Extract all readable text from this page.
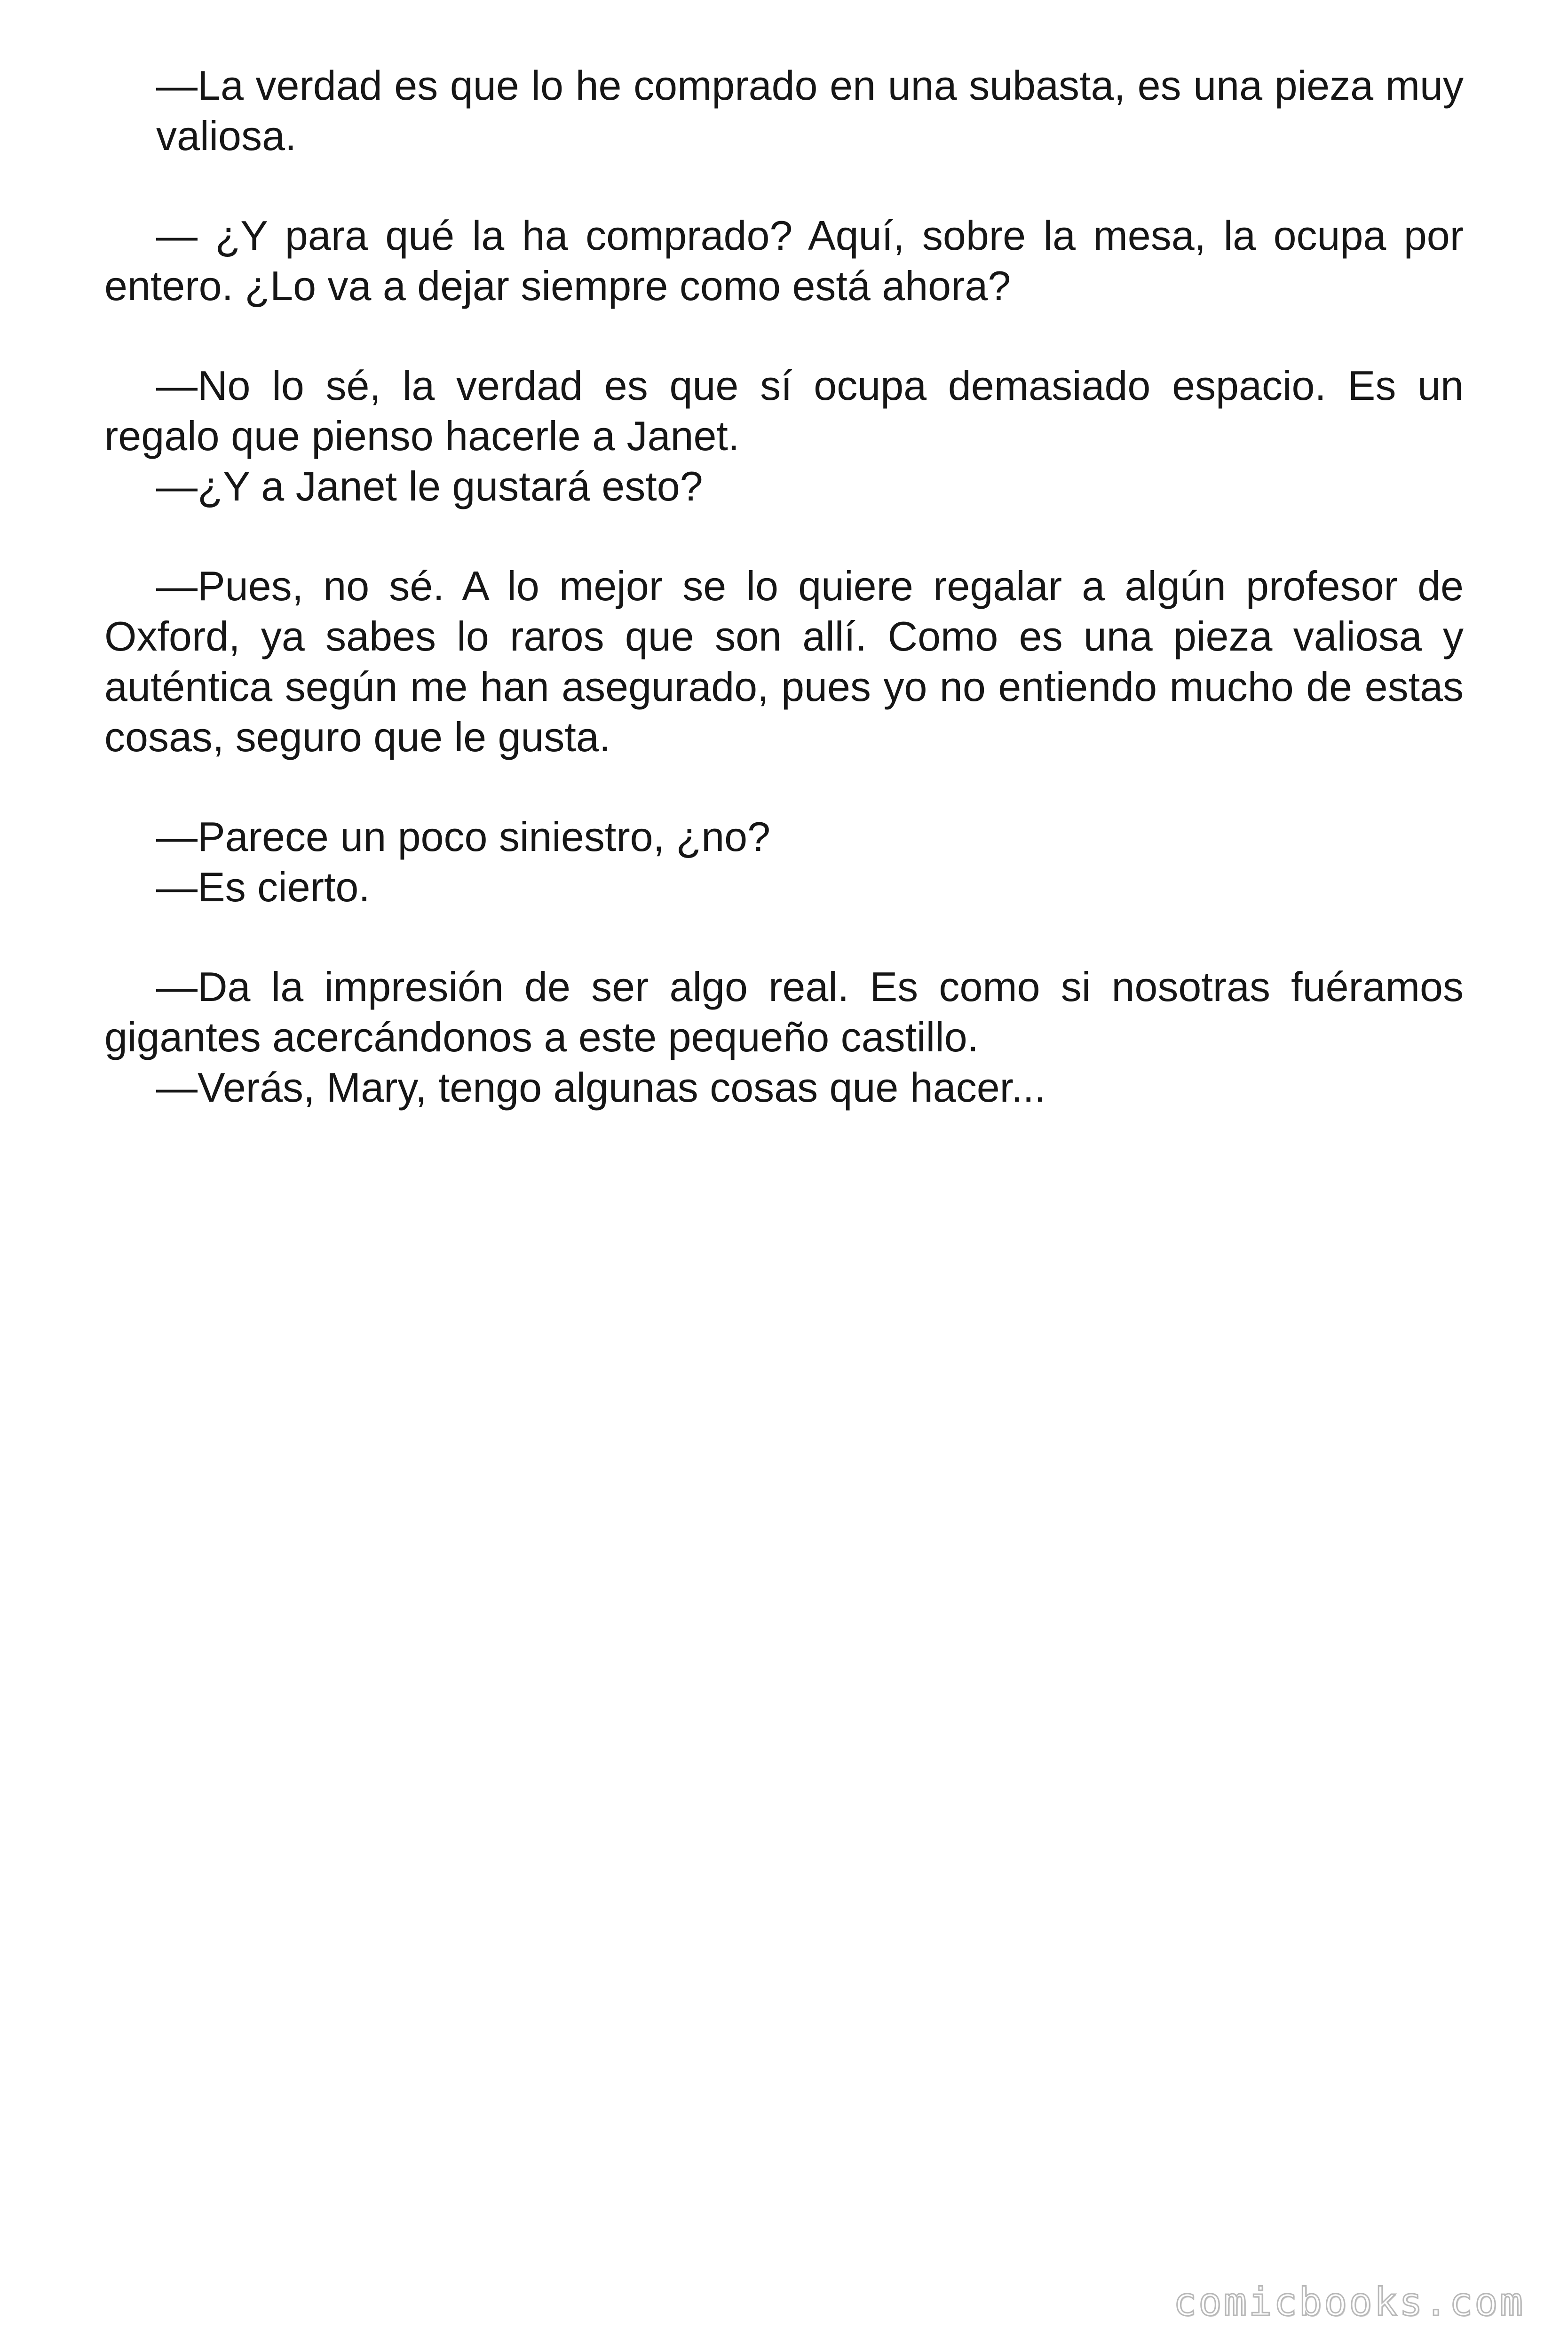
—La verdad es que lo he comprado en una subasta, es una pieza muy valiosa.

— ¿Y para qué la ha comprado? Aquí, sobre la mesa, la ocupa por entero. ¿Lo va a dejar siempre como está ahora?

—No lo sé, la verdad es que sí ocupa demasiado espacio. Es un regalo que pienso hacerle a Janet.

—¿Y a Janet le gustará esto?

—Pues, no sé. A lo mejor se lo quiere regalar a algún profesor de Oxford, ya sabes lo raros que son allí. Como es una pieza valiosa y auténtica según me han asegurado, pues yo no entiendo mucho de estas cosas, seguro que le gusta.

—Parece un poco siniestro, ¿no?

—Es cierto.

—Da la impresión de ser algo real. Es como si nosotras fuéramos gigantes acercándonos a este pequeño castillo.

—Verás, Mary, tengo algunas cosas que hacer...

comicbooks.com
